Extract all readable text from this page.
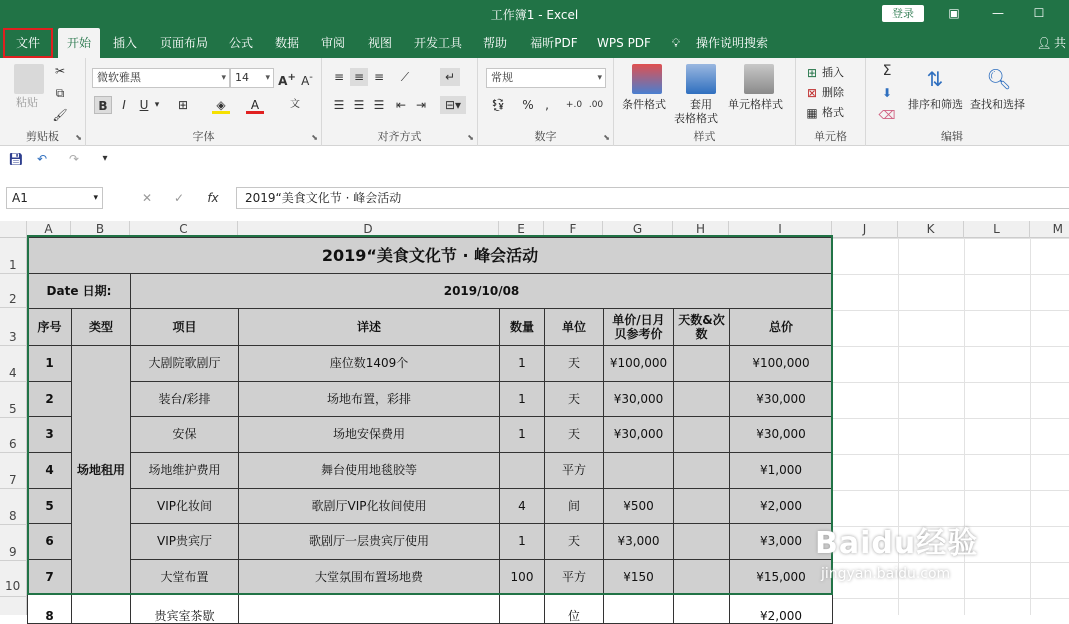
工作簿1 - Excel	登录	▣	—	☐
文件	开始	插入	页面布局	公式	数据	审阅	视图	开发工具	帮助	福昕PDF	WPS PDF	💡︎	操作说明搜索	👤︎ 共
粘贴
✂
⧉
🖌︎
剪贴板	⬊
微软雅黑	▾ 14 ▾ A+ A-
B	I	U ▾	⊞	◈	A	文
字体	⬊
≡ ≡ ≡	⟋	↵
☰ ☰ ☰ ⇤ ⇥	⊟▾
对齐方式	⬊
常规	▾
💱︎	% ,	+.0 .00
数字	⬊
条件格式 套用
表格格式
单元格样式
样式
⊞ 插入
⊠ 删除
▦ 格式
单元格
Σ
⬇
⌫
⇅
排序和筛选
🔍︎
查找和选择
编辑
💾︎ ↶ ↷	▾
A1	▾	✕ ✓ fx	2019“美食文化节 · 峰会活动
A	B	C	D	E	F	G	H	I	J	K	L	M
1
2
3
4
5
6
7
8
9
10
2019“美食文化节 · 峰会活动
Date 日期:	2019/10/08
序号	类型	项目	详述	数量	单位
单价/日月贝参考价
天数&次数
总价
场地租用
1	大剧院歌剧厅	座位数1409个	1	天	¥100,000	¥100,000
2	装台/彩排	场地布置，彩排	1	天	¥30,000	¥30,000
3	安保	场地安保费用	1	天	¥30,000	¥30,000
4	场地维护费用	舞台使用地毯胶等	平方	¥1,000
5	VIP化妆间	歌剧厅VIP化妆间使用	4	间	¥500	¥2,000
6	VIP贵宾厅	歌剧厅一层贵宾厅使用	1	天	¥3,000	¥3,000
7	大堂布置	大堂氛围布置场地费	100	平方	¥150	¥15,000
8	贵宾室茶歇	位	¥2,000
Baidu经验
jingyan.baidu.com
